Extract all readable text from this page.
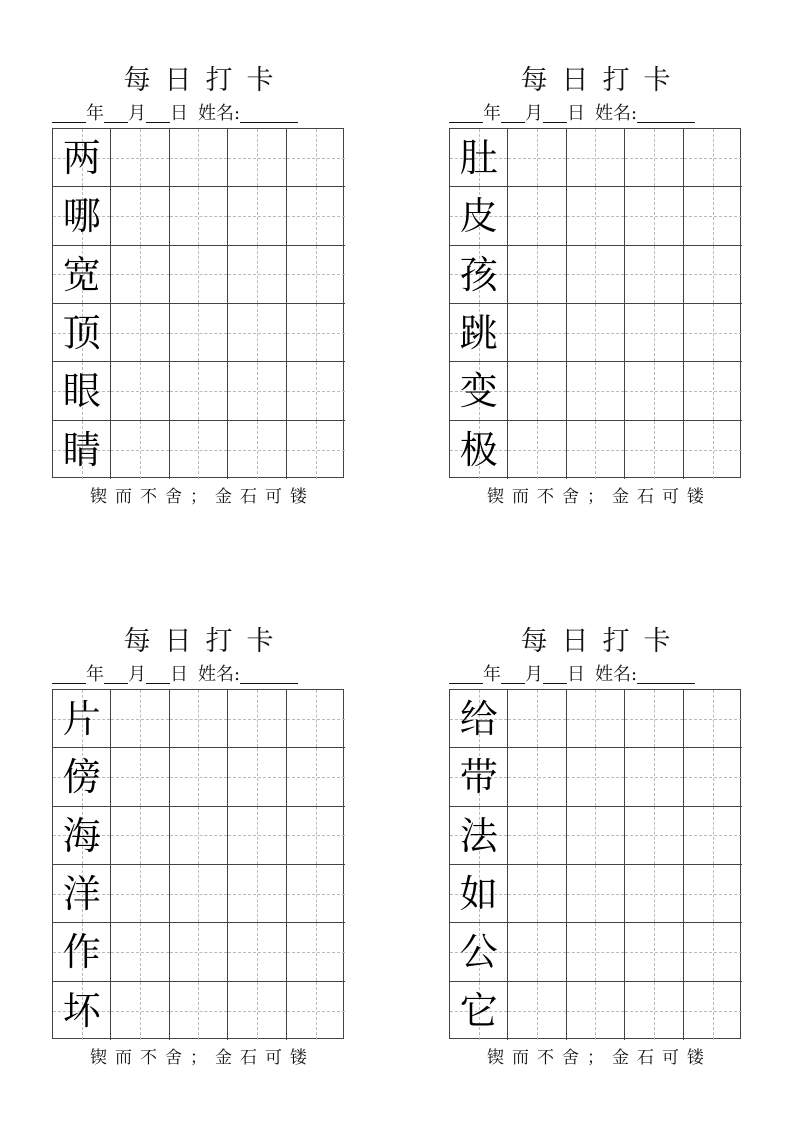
每日打卡
年 月 日 姓名:
两
哪
宽
顶
眼
睛
锲而不舍；金石可镂
每日打卡
年 月 日 姓名:
肚
皮
孩
跳
变
极
锲而不舍；金石可镂
每日打卡
年 月 日 姓名:
片
傍
海
洋
作
坏
锲而不舍；金石可镂
每日打卡
年 月 日 姓名:
给
带
法
如
公
它
锲而不舍；金石可镂
